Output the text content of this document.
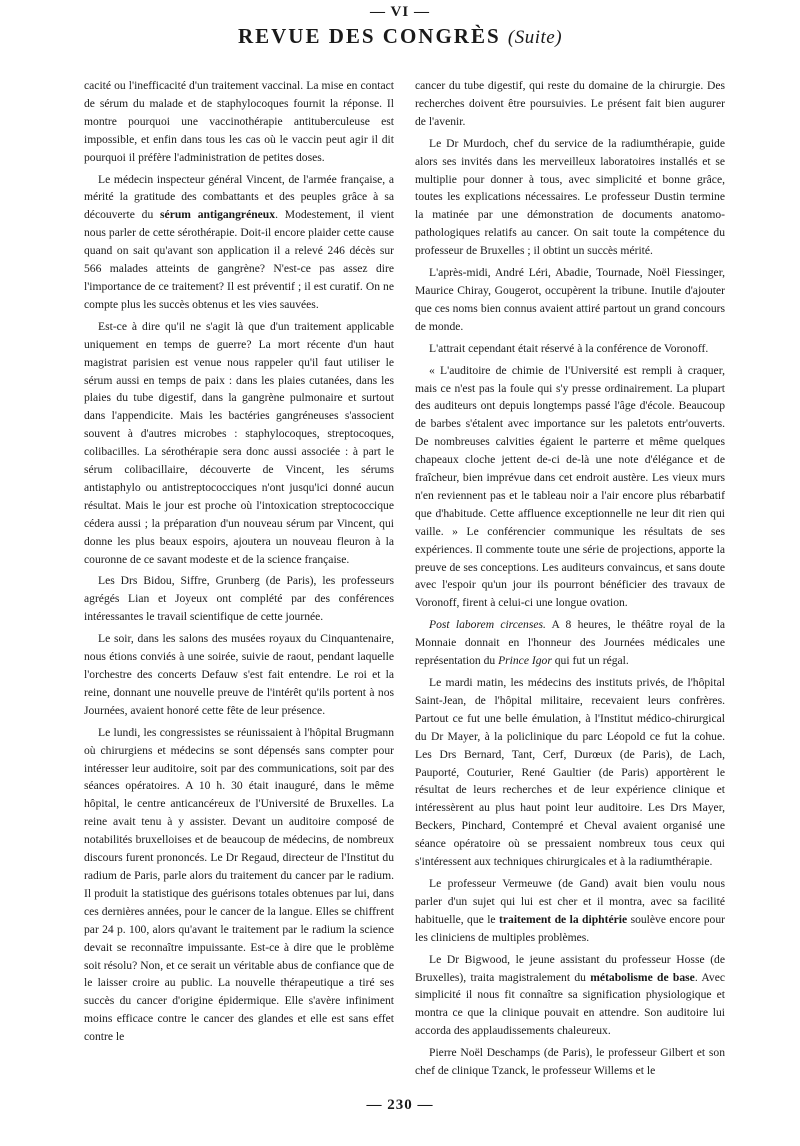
— VI —
REVUE DES CONGRÈS (Suite)

cacité ou l'inefficacité d'un traitement vaccinal. La mise en contact de sérum du malade et de staphylocoques fournit la réponse. Il montre pourquoi une vaccinothérapie antituberculeuse est impossible, et enfin dans tous les cas où le vaccin peut agir il dit pourquoi il préfère l'administration de petites doses.

Le médecin inspecteur général Vincent, de l'armée française, a mérité la gratitude des combattants et des peuples grâce à sa découverte du sérum antigangréneux. Modestement, il vient nous parler de cette sérothérapie. Doit-il encore plaider cette cause quand on sait qu'avant son application il a relevé 246 décès sur 566 malades atteints de gangrène? N'est-ce pas assez dire l'importance de ce traitement? Il est préventif ; il est curatif. On ne compte plus les succès obtenus et les vies sauvées.

Est-ce à dire qu'il ne s'agit là que d'un traitement applicable uniquement en temps de guerre? La mort récente d'un haut magistrat parisien est venue nous rappeler qu'il faut utiliser le sérum aussi en temps de paix : dans les plaies cutanées, dans les plaies du tube digestif, dans la gangrène pulmonaire et surtout dans l'appendicite. Mais les bactéries gangréneuses s'associent souvent à d'autres microbes : staphylocoques, streptocoques, colibacilles. La sérothérapie sera donc aussi associée : à part le sérum colibacillaire, découverte de Vincent, les sérums antistaphylo ou antistreptococciques n'ont jusqu'ici donné aucun résultat. Mais le jour est proche où l'intoxication streptococcique cédera aussi ; la préparation d'un nouveau sérum par Vincent, qui donne les plus beaux espoirs, ajoutera un nouveau fleuron à la couronne de ce savant modeste et de la science française.

Les Drs Bidou, Siffre, Grunberg (de Paris), les professeurs agrégés Lian et Joyeux ont complété par des conférences intéressantes le travail scientifique de cette journée.

Le soir, dans les salons des musées royaux du Cinquantenaire, nous étions conviés à une soirée, suivie de raout, pendant laquelle l'orchestre des concerts Defauw s'est fait entendre. Le roi et la reine, donnant une nouvelle preuve de l'intérêt qu'ils portent à nos Journées, avaient honoré cette fête de leur présence.

Le lundi, les congressistes se réunissaient à l'hôpital Brugmann où chirurgiens et médecins se sont dépensés sans compter pour intéresser leur auditoire, soit par des communications, soit par des séances opératoires. A 10 h. 30 était inauguré, dans le même hôpital, le centre anticancéreux de l'Université de Bruxelles. La reine avait tenu à y assister. Devant un auditoire composé de notabilités bruxelloises et de beaucoup de médecins, de nombreux discours furent prononcés. Le Dr Regaud, directeur de l'Institut du radium de Paris, parle alors du traitement du cancer par le radium. Il produit la statistique des guérisons totales obtenues par lui, dans ces dernières années, pour le cancer de la langue. Elles se chiffrent par 24 p. 100, alors qu'avant le traitement par le radium la science devait se reconnaître impuissante. Est-ce à dire que le problème soit résolu? Non, et ce serait un véritable abus de confiance que de le laisser croire au public. La nouvelle thérapeutique a tiré ses succès du cancer d'origine épidermique. Elle s'avère infiniment moins efficace contre le cancer des glandes et elle est sans effet contre le

cancer du tube digestif, qui reste du domaine de la chirurgie. Des recherches doivent être poursuivies. Le présent fait bien augurer de l'avenir.

Le Dr Murdoch, chef du service de la radiumthérapie, guide alors ses invités dans les merveilleux laboratoires installés et se multiplie pour donner à tous, avec simplicité et bonne grâce, toutes les explications nécessaires. Le professeur Dustin termine la matinée par une démonstration de documents anatomo-pathologiques relatifs au cancer. On sait toute la compétence du professeur de Bruxelles ; il obtint un succès mérité.

L'après-midi, André Léri, Abadie, Tournade, Noël Fiessinger, Maurice Chiray, Gougerot, occupèrent la tribune. Inutile d'ajouter que ces noms bien connus avaient attiré partout un grand concours de monde.

L'attrait cependant était réservé à la conférence de Voronoff.

« L'auditoire de chimie de l'Université est rempli à craquer, mais ce n'est pas la foule qui s'y presse ordinairement. La plupart des auditeurs ont depuis longtemps passé l'âge d'école. Beaucoup de barbes s'étalent avec importance sur les paletots entr'ouverts. De nombreuses calvities égaient le parterre et même quelques chapeaux cloche jettent de-ci de-là une note d'élégance et de fraîcheur, bien imprévue dans cet endroit austère. Les vieux murs n'en reviennent pas et le tableau noir a l'air encore plus rébarbatif que d'habitude. Cette affluence exceptionnelle ne leur dit rien qui vaille. » Le conférencier communique les résultats de ses expériences. Il commente toute une série de projections, apporte la preuve de ses conceptions. Les auditeurs convaincus, et sans doute avec l'espoir qu'un jour ils pourront bénéficier des travaux de Voronoff, firent à celui-ci une longue ovation.

Post laborem circenses. A 8 heures, le théâtre royal de la Monnaie donnait en l'honneur des Journées médicales une représentation du Prince Igor qui fut un régal.

Le mardi matin, les médecins des instituts privés, de l'hôpital Saint-Jean, de l'hôpital militaire, recevaient leurs confrères. Partout ce fut une belle émulation, à l'Institut médico-chirurgical du Dr Mayer, à la policlinique du parc Léopold ce fut la cohue. Les Drs Bernard, Tant, Cerf, Durœux (de Paris), de Lach, Pauporté, Couturier, René Gaultier (de Paris) apportèrent le résultat de leurs recherches et de leur expérience clinique et intéressèrent au plus haut point leur auditoire. Les Drs Mayer, Beckers, Pinchard, Contempré et Cheval avaient organisé une séance opératoire où se pressaient nombreux tous ceux qui s'intéressent aux techniques chirurgicales et à la radiumthérapie.

Le professeur Vermeuwe (de Gand) avait bien voulu nous parler d'un sujet qui lui est cher et il montra, avec sa facilité habituelle, que le traitement de la diphtérie soulève encore pour les cliniciens de multiples problèmes.

Le Dr Bigwood, le jeune assistant du professeur Hosse (de Bruxelles), traita magistralement du métabolisme de base. Avec simplicité il nous fit connaître sa signification physiologique et montra ce que la clinique pouvait en attendre. Son auditoire lui accorda des applaudissements chaleureux.

Pierre Noël Deschamps (de Paris), le professeur Gilbert et son chef de clinique Tzanck, le professeur Willems et le

— 230 —
